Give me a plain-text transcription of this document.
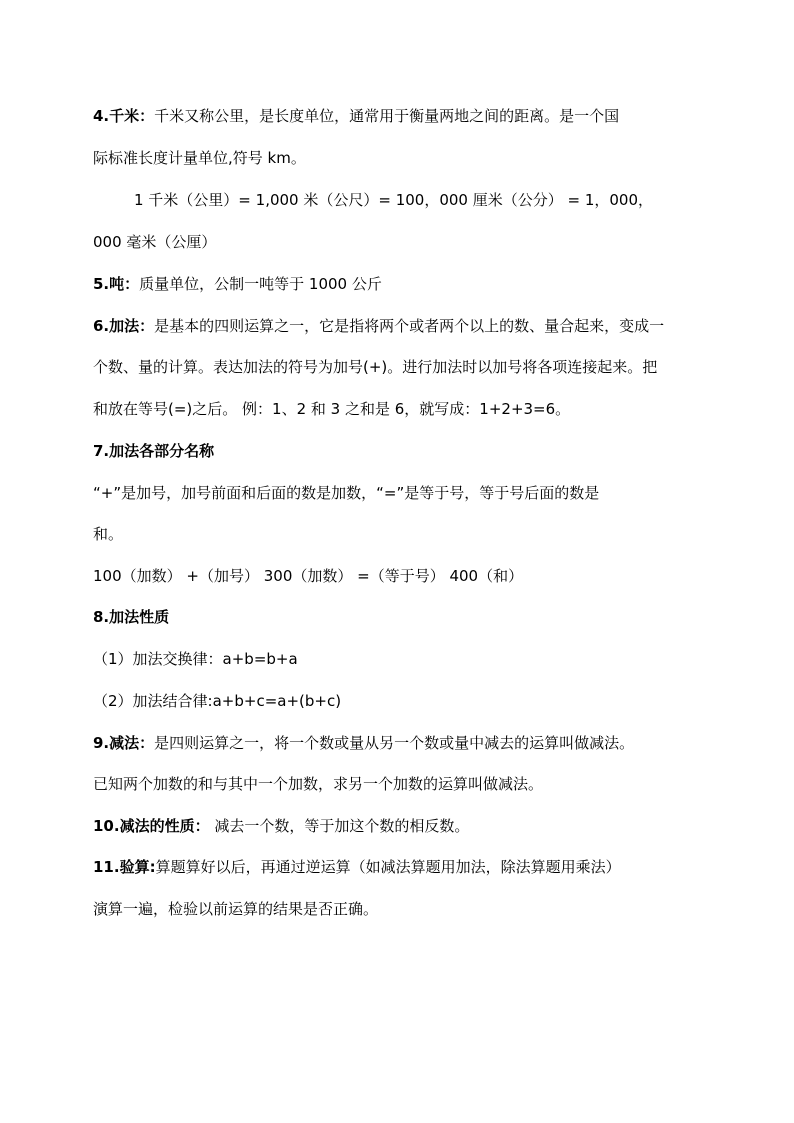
4.千米：千米又称公里，是长度单位，通常用于衡量两地之间的距离。是一个国
际标准长度计量单位,符号 km。
1 千米（公里）= 1,000 米（公尺）= 100，000 厘米（公分） = 1，000，
000 毫米（公厘）
5.吨：质量单位，公制一吨等于 1000 公斤
6.加法：是基本的四则运算之一，它是指将两个或者两个以上的数、量合起来，变成一
个数、量的计算。表达加法的符号为加号(+)。进行加法时以加号将各项连接起来。把
和放在等号(=)之后。 例：1、2 和 3 之和是 6，就写成：1+2+3=6。
7.加法各部分名称
“+”是加号，加号前面和后面的数是加数，“=”是等于号，等于号后面的数是
和。
100（加数） +（加号） 300（加数） =（等于号） 400（和）
8.加法性质
（1）加法交换律：a+b=b+a
（2）加法结合律:a+b+c=a+(b+c)
9.减法：是四则运算之一，将一个数或量从另一个数或量中减去的运算叫做减法。
已知两个加数的和与其中一个加数，求另一个加数的运算叫做减法。
10.减法的性质： 减去一个数，等于加这个数的相反数。
11.验算:算题算好以后，再通过逆运算（如减法算题用加法，除法算题用乘法）
演算一遍，检验以前运算的结果是否正确。
